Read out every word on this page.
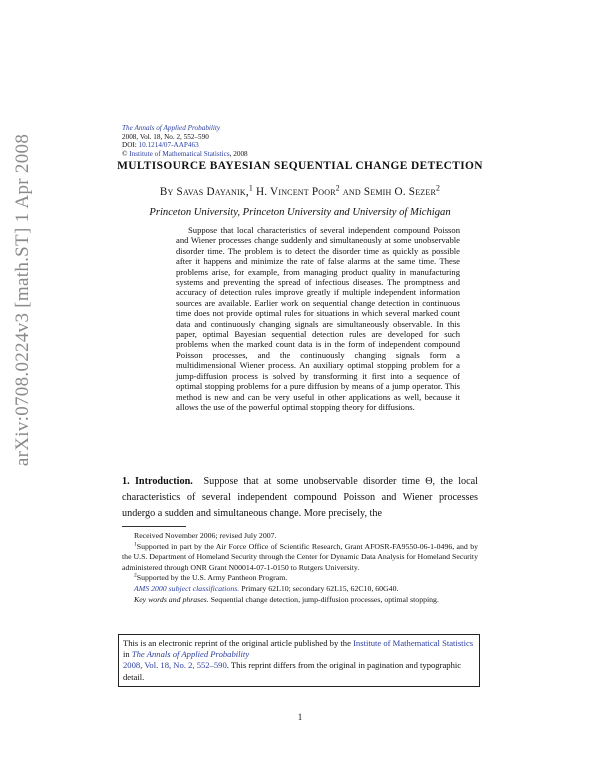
arXiv:0708.0224v3 [math.ST] 1 Apr 2008
The Annals of Applied Probability
2008, Vol. 18, No. 2, 552–590
DOI: 10.1214/07-AAP463
© Institute of Mathematical Statistics, 2008
MULTISOURCE BAYESIAN SEQUENTIAL CHANGE DETECTION
By Savas Dayanik,$^1$ H. Vincent Poor$^2$ and Semih O. Sezer$^2$
Princeton University, Princeton University and University of Michigan
Suppose that local characteristics of several independent compound Poisson and Wiener processes change suddenly and simultaneously at some unobservable disorder time. The problem is to detect the disorder time as quickly as possible after it happens and minimize the rate of false alarms at the same time. These problems arise, for example, from managing product quality in manufacturing systems and preventing the spread of infectious diseases. The promptness and accuracy of detection rules improve greatly if multiple independent information sources are available. Earlier work on sequential change detection in continuous time does not provide optimal rules for situations in which several marked count data and continuously changing signals are simultaneously observable. In this paper, optimal Bayesian sequential detection rules are developed for such problems when the marked count data is in the form of independent compound Poisson processes, and the continuously changing signals form a multidimensional Wiener process. An auxiliary optimal stopping problem for a jump-diffusion process is solved by transforming it first into a sequence of optimal stopping problems for a pure diffusion by means of a jump operator. This method is new and can be very useful in other applications as well, because it allows the use of the powerful optimal stopping theory for diffusions.
1. Introduction. Suppose that at some unobservable disorder time Θ, the local characteristics of several independent compound Poisson and Wiener processes undergo a sudden and simultaneous change. More precisely, the

Received November 2006; revised July 2007.

$^1$Supported in part by the Air Force Office of Scientific Research, Grant AFOSR-FA9550-06-1-0496, and by the U.S. Department of Homeland Security through the Center for Dynamic Data Analysis for Homeland Security administered through ONR Grant N00014-07-1-0150 to Rutgers University.

$^2$Supported by the U.S. Army Pantheon Program.

AMS 2000 subject classifications. Primary 62L10; secondary 62L15, 62C10, 60G40.

Key words and phrases. Sequential change detection, jump-diffusion processes, optimal stopping.

This is an electronic reprint of the original article published by the Institute of Mathematical Statistics in The Annals of Applied Probability
2008, Vol. 18, No. 2, 552–590. This reprint differs from the original in pagination and typographic detail.
1
